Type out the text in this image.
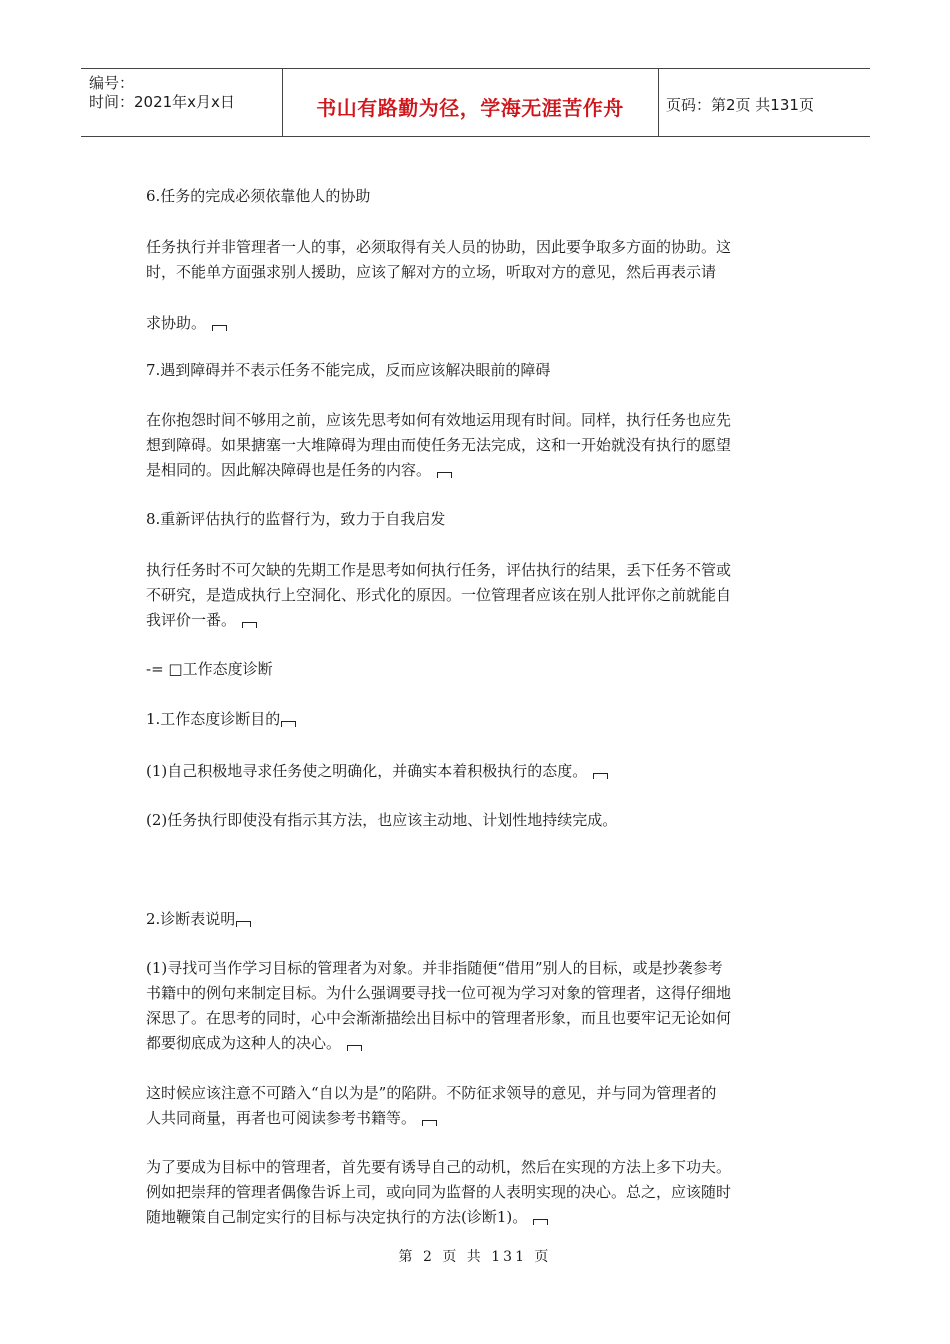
编号：
时间：2021年x月x日	书山有路勤为径，学海无涯苦作舟	页码：第2页 共131页

6.任务的完成必须依靠他人的协助

任务执行并非管理者一人的事，必须取得有关人员的协助，因此要争取多方面的协助。这

时，不能单方面强求别人援助，应该了解对方的立场，听取对方的意见，然后再表示请

求协助。

7.遇到障碍并不表示任务不能完成，反而应该解决眼前的障碍

在你抱怨时间不够用之前，应该先思考如何有效地运用现有时间。同样，执行任务也应先

想到障碍。如果搪塞一大堆障碍为理由而使任务无法完成，这和一开始就没有执行的愿望

是相同的。因此解决障碍也是任务的内容。

8.重新评估执行的监督行为，致力于自我启发

执行任务时不可欠缺的先期工作是思考如何执行任务，评估执行的结果，丢下任务不管或

不研究，是造成执行上空洞化、形式化的原因。一位管理者应该在别人批评你之前就能自

我评价一番。

-= □工作态度诊断

1.工作态度诊断目的

(1)自己积极地寻求任务使之明确化，并确实本着积极执行的态度。

(2)任务执行即使没有指示其方法，也应该主动地、计划性地持续完成。

2.诊断表说明

(1)寻找可当作学习目标的管理者为对象。并非指随便“借用”别人的目标，或是抄袭参考

书籍中的例句来制定目标。为什么强调要寻找一位可视为学习对象的管理者，这得仔细地

深思了。在思考的同时，心中会渐渐描绘出目标中的管理者形象，而且也要牢记无论如何

都要彻底成为这种人的决心。

这时候应该注意不可踏入“自以为是”的陷阱。不防征求领导的意见，并与同为管理者的

人共同商量，再者也可阅读参考书籍等。

为了要成为目标中的管理者，首先要有诱导自己的动机，然后在实现的方法上多下功夫。

例如把崇拜的管理者偶像告诉上司，或向同为监督的人表明实现的决心。总之，应该随时

随地鞭策自己制定实行的目标与决定执行的方法(诊断1)。

第 2 页 共 131 页
